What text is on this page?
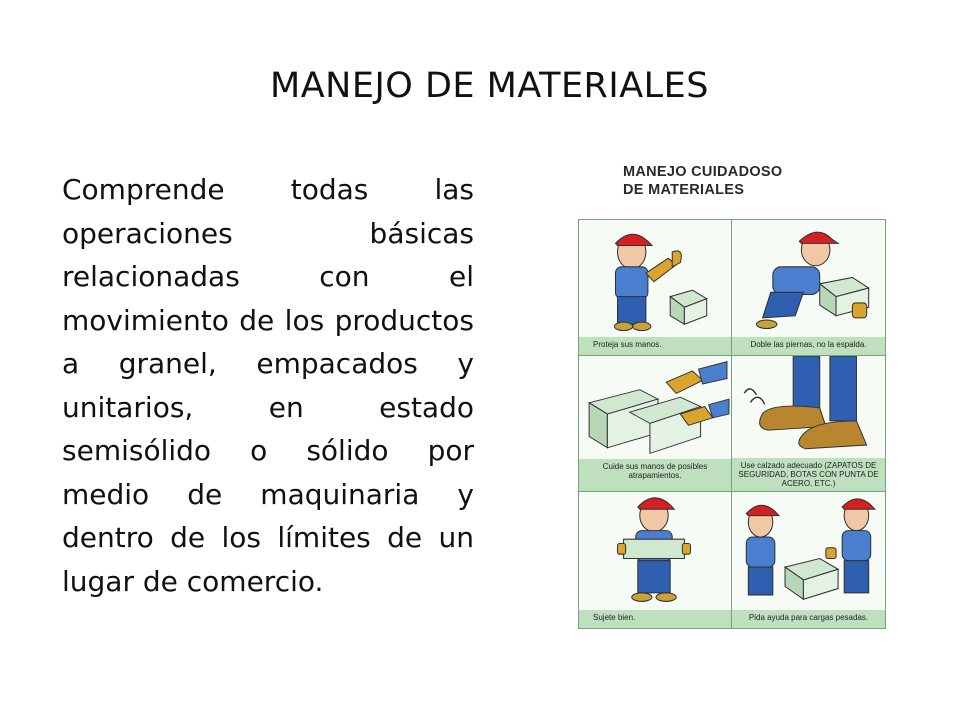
MANEJO DE MATERIALES
Comprende todas las operaciones básicas relacionadas con el movimiento de los productos a granel, empacados y unitarios, en estado semisólido o sólido por medio de maquinaria y dentro de los límites de un lugar de comercio.
MANEJO CUIDADOSO
DE MATERIALES
Proteja sus manos.	Doble las piernas, no la espalda.
Cuide sus manos de posibles atrapamientos.
Use calzado adecuado (ZAPATOS DE SEGURIDAD, BOTAS CON PUNTA DE ACERO, ETC.)
Sujete bien.	Pida ayuda para cargas pesadas.
